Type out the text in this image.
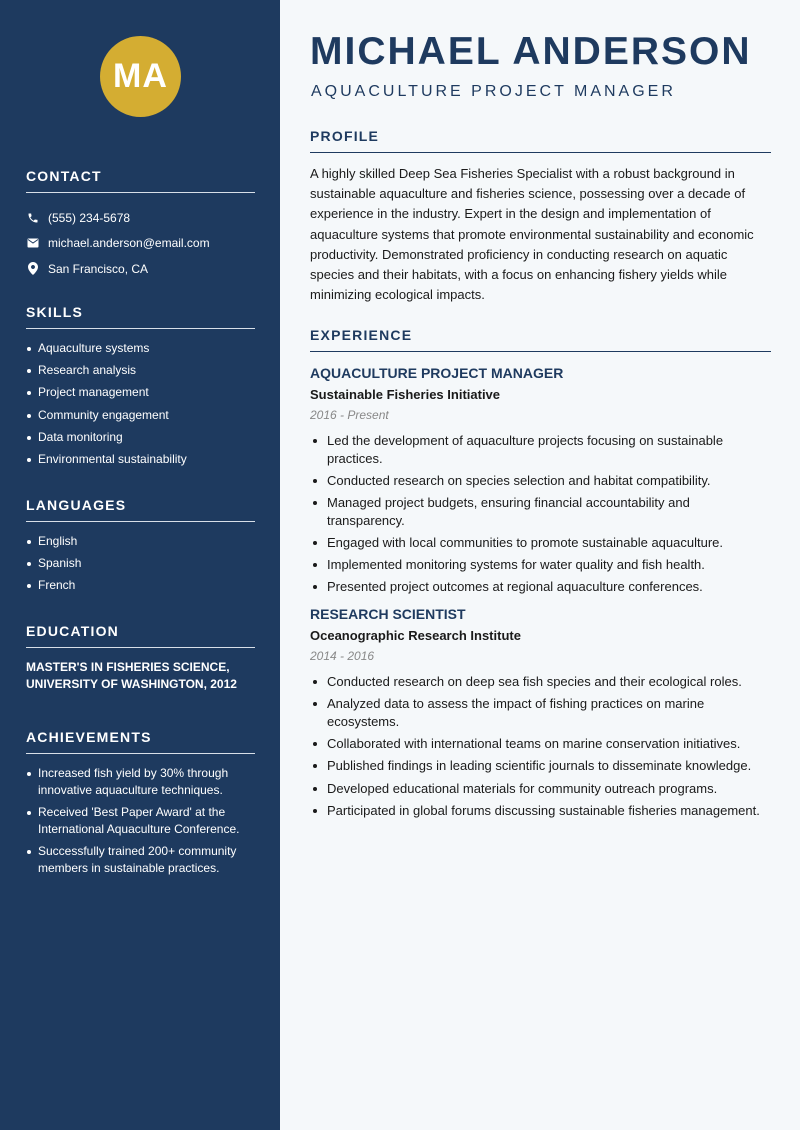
MA
CONTACT
(555) 234-5678
michael.anderson@email.com
San Francisco, CA
SKILLS
Aquaculture systems
Research analysis
Project management
Community engagement
Data monitoring
Environmental sustainability
LANGUAGES
English
Spanish
French
EDUCATION
MASTER'S IN FISHERIES SCIENCE,
UNIVERSITY OF WASHINGTON, 2012
ACHIEVEMENTS
Increased fish yield by 30% through innovative aquaculture techniques.
Received 'Best Paper Award' at the International Aquaculture Conference.
Successfully trained 200+ community members in sustainable practices.
MICHAEL ANDERSON
AQUACULTURE PROJECT MANAGER
PROFILE

A highly skilled Deep Sea Fisheries Specialist with a robust background in sustainable aquaculture and fisheries science, possessing over a decade of experience in the industry. Expert in the design and implementation of aquaculture systems that promote environmental sustainability and economic productivity. Demonstrated proficiency in conducting research on aquatic species and their habitats, with a focus on enhancing fishery yields while minimizing ecological impacts.

EXPERIENCE
AQUACULTURE PROJECT MANAGER
Sustainable Fisheries Initiative
2016 - Present
Led the development of aquaculture projects focusing on sustainable practices.
Conducted research on species selection and habitat compatibility.
Managed project budgets, ensuring financial accountability and transparency.
Engaged with local communities to promote sustainable aquaculture.
Implemented monitoring systems for water quality and fish health.
Presented project outcomes at regional aquaculture conferences.
RESEARCH SCIENTIST
Oceanographic Research Institute
2014 - 2016
Conducted research on deep sea fish species and their ecological roles.
Analyzed data to assess the impact of fishing practices on marine ecosystems.
Collaborated with international teams on marine conservation initiatives.
Published findings in leading scientific journals to disseminate knowledge.
Developed educational materials for community outreach programs.
Participated in global forums discussing sustainable fisheries management.
